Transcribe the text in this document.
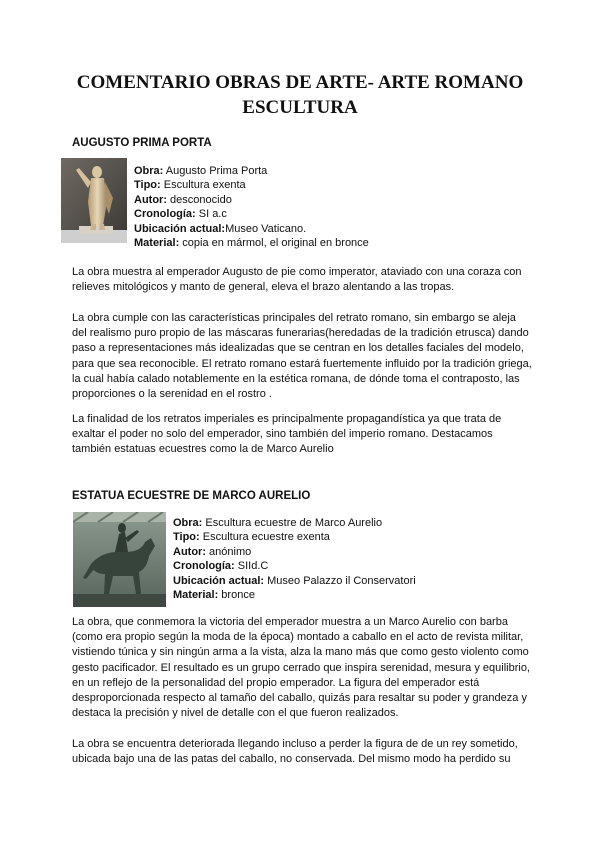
COMENTARIO OBRAS DE ARTE- ARTE ROMANO
ESCULTURA
AUGUSTO PRIMA PORTA
Obra: Augusto Prima Porta
Tipo: Escultura exenta
Autor: desconocido
Cronología: SI a.c
Ubicación actual:Museo Vaticano.
Material: copia en mármol, el original en bronce

La obra muestra al emperador Augusto de pie como imperator, ataviado con una coraza con relieves mitológicos y manto de general, eleva el brazo alentando a las tropas.

La obra cumple con las características principales del retrato romano, sin embargo se aleja del realismo puro propio de las máscaras funerarias(heredadas de la tradición etrusca) dando paso a representaciones más idealizadas que se centran en los detalles faciales del modelo, para que sea reconocible. El retrato romano estará fuertemente influido por la tradición griega, la cual había calado notablemente en la estética romana, de dónde toma el contraposto, las proporciones o la serenidad en el rostro .

La finalidad de los retratos imperiales es principalmente propagandística ya que trata de exaltar el poder no solo del emperador, sino también del imperio romano. Destacamos también estatuas ecuestres como la de Marco Aurelio

ESTATUA ECUESTRE DE MARCO AURELIO
Obra: Escultura ecuestre de Marco Aurelio
Tipo: Escultura ecuestre exenta
Autor: anónimo
Cronología: SIId.C
Ubicación actual: Museo Palazzo il Conservatori
Material: bronce

La obra, que conmemora la victoria del emperador muestra a un Marco Aurelio con barba (como era propio según la moda de la época) montado a caballo en el acto de revista militar, vistiendo túnica y sin ningún arma a la vista, alza la mano más que como gesto violento como gesto pacificador. El resultado es un grupo cerrado que inspira serenidad, mesura y equilibrio, en un reflejo de la personalidad del propio emperador. La figura del emperador está desproporcionada respecto al tamaño del caballo, quizás para resaltar su poder y grandeza y destaca la precisión y nivel de detalle con el que fueron realizados.

La obra se encuentra deteriorada llegando incluso a perder la figura de de un rey sometido, ubicada bajo una de las patas del caballo, no conservada. Del mismo modo ha perdido su
